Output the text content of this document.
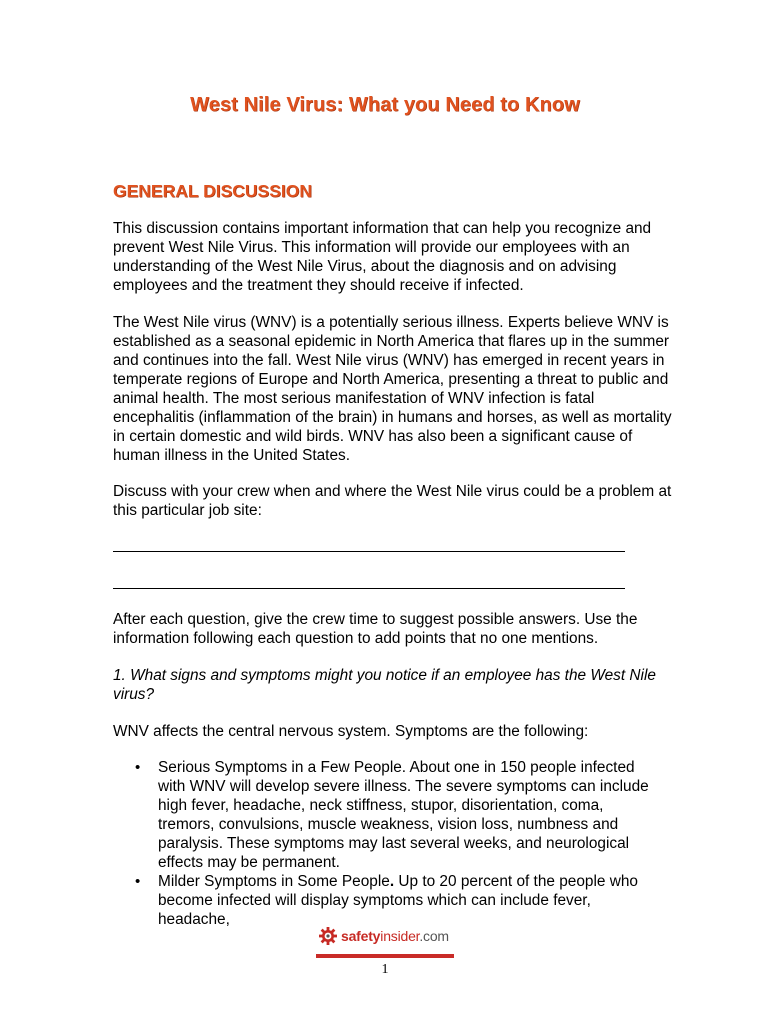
West Nile Virus: What you Need to Know
GENERAL DISCUSSION

This discussion contains important information that can help you recognize and prevent West Nile Virus. This information will provide our employees with an understanding of the West Nile Virus, about the diagnosis and on advising employees and the treatment they should receive if infected.

The West Nile virus (WNV) is a potentially serious illness. Experts believe WNV is established as a seasonal epidemic in North America that flares up in the summer and continues into the fall. West Nile virus (WNV) has emerged in recent years in temperate regions of Europe and North America, presenting a threat to public and animal health. The most serious manifestation of WNV infection is fatal encephalitis (inflammation of the brain) in humans and horses, as well as mortality in certain domestic and wild birds. WNV has also been a significant cause of human illness in the United States.

Discuss with your crew when and where the West Nile virus could be a problem at this particular job site:

After each question, give the crew time to suggest possible answers. Use the information following each question to add points that no one mentions.

1. What signs and symptoms might you notice if an employee has the West Nile virus?

WNV affects the central nervous system. Symptoms are the following:

• Serious Symptoms in a Few People. About one in 150 people infected with WNV will develop severe illness. The severe symptoms can include high fever, headache, neck stiffness, stupor, disorientation, coma, tremors, convulsions, muscle weakness, vision loss, numbness and paralysis. These symptoms may last several weeks, and neurological effects may be permanent.
• Milder Symptoms in Some People. Up to 20 percent of the people who become infected will display symptoms which can include fever, headache,
safetyinsider.com
1
